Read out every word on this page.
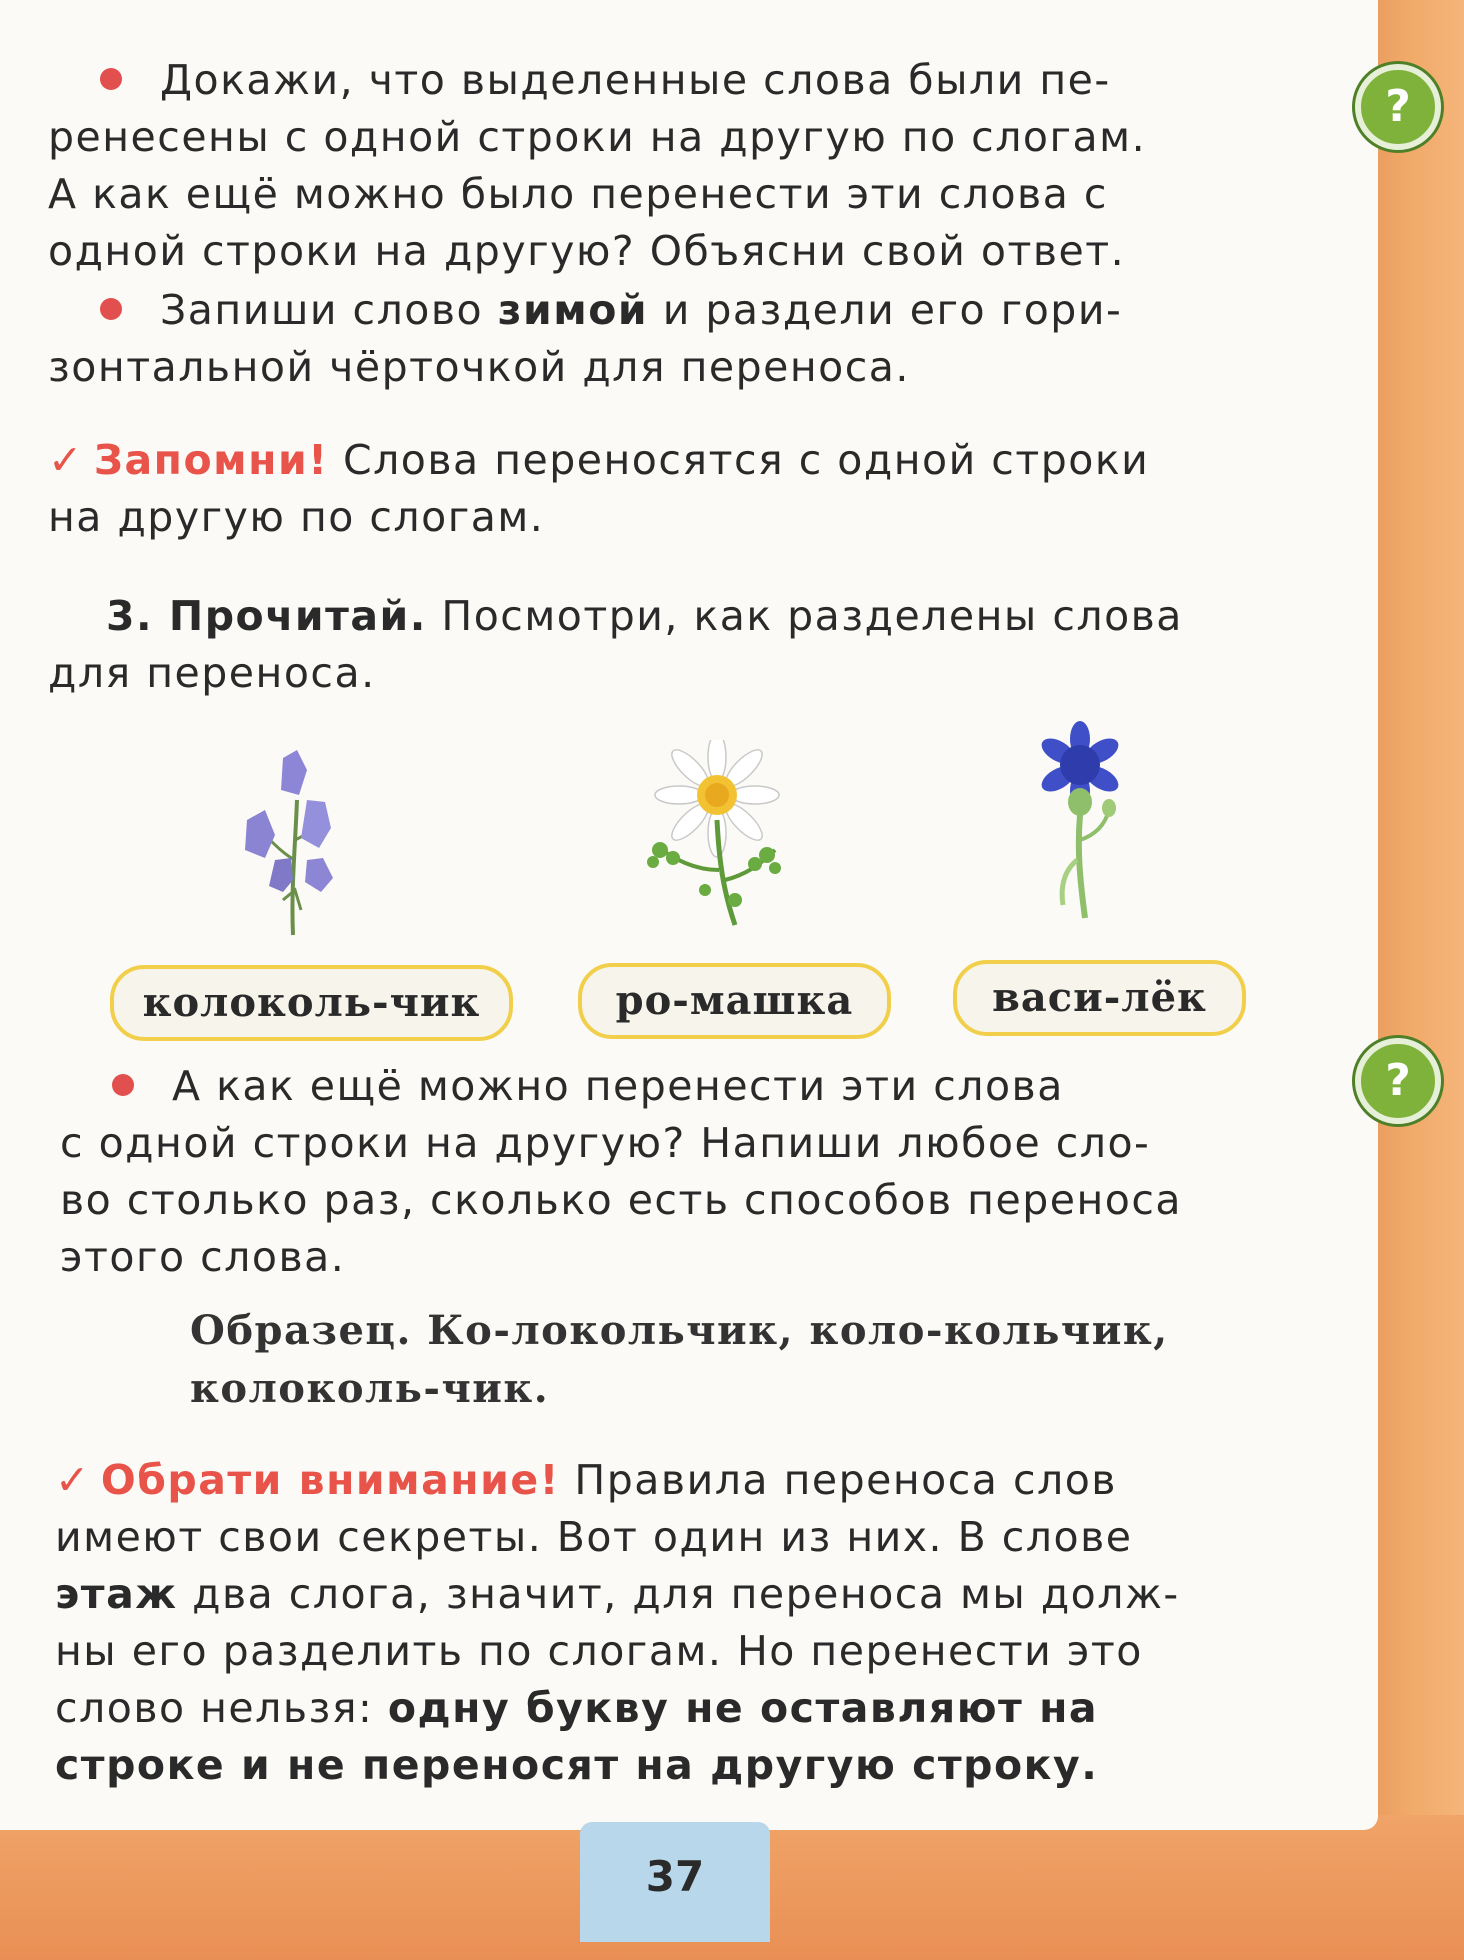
?
?
Докажи, что выделенные слова были пе-
ренесены с одной строки на другую по слогам.
А как ещё можно было перенести эти слова с
одной строки на другую? Объясни свой ответ.
Запиши слово зимой и раздели его гори-
зонтальной чёрточкой для переноса.
✓ Запомни! Слова переносятся с одной строки
на другую по слогам.
3. Прочитай. Посмотри, как разделены слова
для переноса.
колоколь-чик	ро-машка	васи-лёк
А как ещё можно перенести эти слова
с одной строки на другую? Напиши любое сло-
во столько раз, сколько есть способов переноса
этого слова.
Образец. Ко-локольчик, коло-кольчик,
колоколь-чик.
✓ Обрати внимание! Правила переноса слов
имеют свои секреты. Вот один из них. В слове
этаж два слога, значит, для переноса мы долж-
ны его разделить по слогам. Но перенести это
слово нельзя: одну букву не оставляют на
строке и не переносят на другую строку.
37
